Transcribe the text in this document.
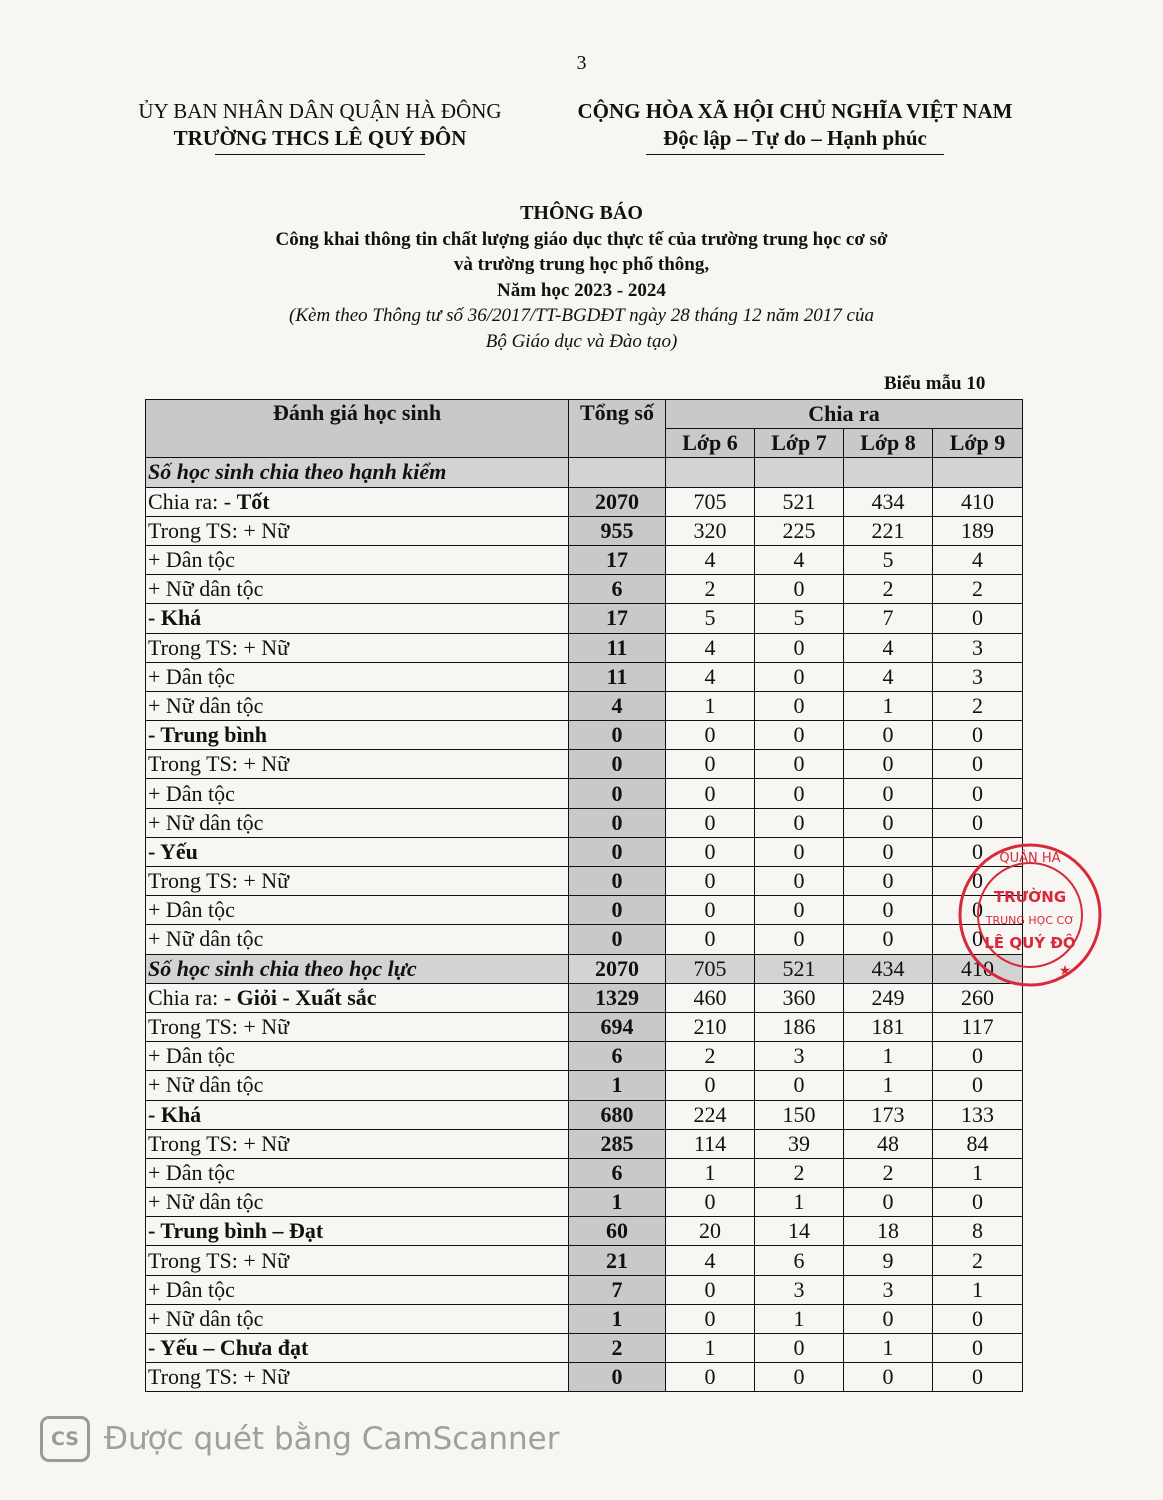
3
ỦY BAN NHÂN DÂN QUẬN HÀ ĐÔNG
TRƯỜNG THCS LÊ QUÝ ĐÔN
CỘNG HÒA XÃ HỘI CHỦ NGHĨA VIỆT NAM
Độc lập – Tự do – Hạnh phúc
THÔNG BÁO
Công khai thông tin chất lượng giáo dục thực tế của trường trung học cơ sở
và trường trung học phổ thông,
Năm học 2023 - 2024
(Kèm theo Thông tư số 36/2017/TT-BGDĐT ngày 28 tháng 12 năm 2017 của
Bộ Giáo dục và Đào tạo)
Biểu mẫu 10
Đánh giá học sinh	Tổng số	Chia ra			
		Lớp 6	Lớp 7	Lớp 8	Lớp 9
Số học sinh chia theo hạnh kiểm					
Chia ra: - Tốt	2070	705	521	434	410
Trong TS: + Nữ	955	320	225	221	189
+ Dân tộc	17	4	4	5	4
+ Nữ dân tộc	6	2	0	2	2
- Khá	17	5	5	7	0
Trong TS: + Nữ	11	4	0	4	3
+ Dân tộc	11	4	0	4	3
+ Nữ dân tộc	4	1	0	1	2
- Trung bình	0	0	0	0	0
Trong TS: + Nữ	0	0	0	0	0
+ Dân tộc	0	0	0	0	0
+ Nữ dân tộc	0	0	0	0	0
- Yếu	0	0	0	0	0
Trong TS: + Nữ	0	0	0	0	0
+ Dân tộc	0	0	0	0	0
+ Nữ dân tộc	0	0	0	0	0
Số học sinh chia theo học lực	2070	705	521	434	410
Chia ra: - Giỏi - Xuất sắc	1329	460	360	249	260
Trong TS: + Nữ	694	210	186	181	117
+ Dân tộc	6	2	3	1	0
+ Nữ dân tộc	1	0	0	1	0
- Khá	680	224	150	173	133
Trong TS: + Nữ	285	114	39	48	84
+ Dân tộc	6	1	2	2	1
+ Nữ dân tộc	1	0	1	0	0
- Trung bình – Đạt	60	20	14	18	8
Trong TS: + Nữ	21	4	6	9	2
+ Dân tộc	7	0	3	3	1
+ Nữ dân tộc	1	0	1	0	0
- Yếu – Chưa đạt	2	1	0	1	0
Trong TS: + Nữ	0	0	0	0	0
QUẬN HÀ
TRƯỜNG
TRUNG HỌC CƠ
LÊ QUÝ ĐÔ
★
CS Được quét bằng CamScanner
